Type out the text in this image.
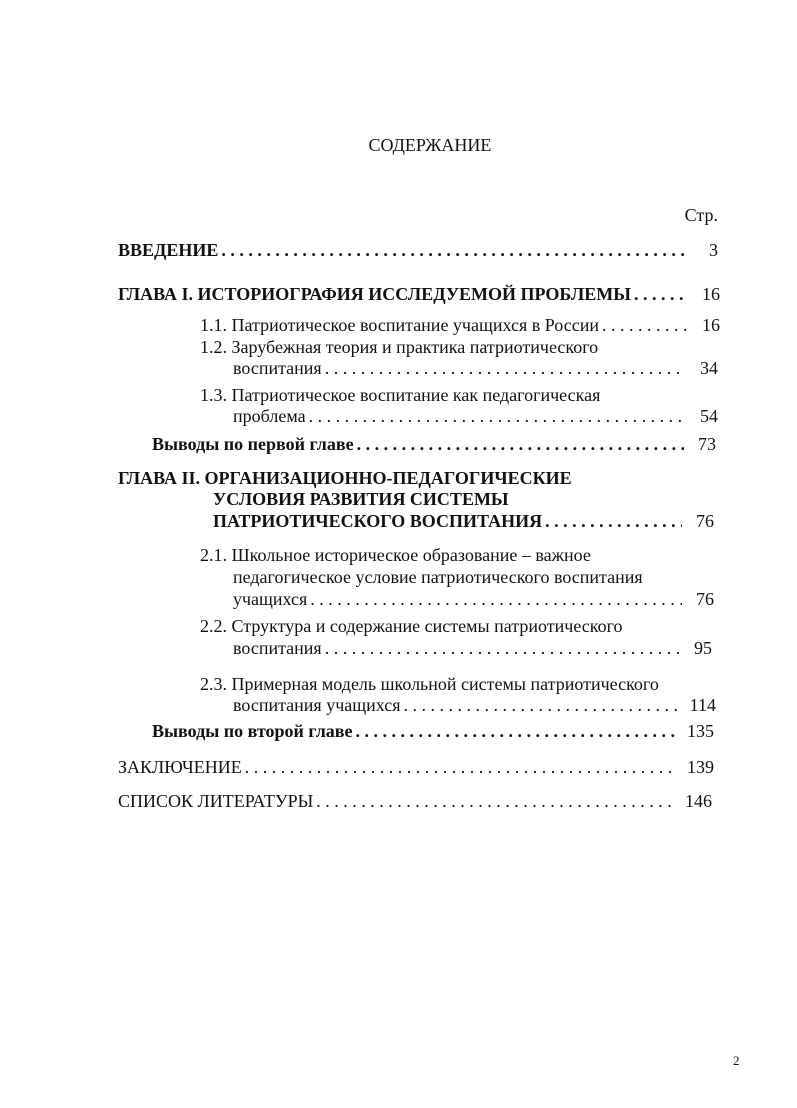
СОДЕРЖАНИЕ
Стр.
ВВЕДЕНИЕ . . .	3
ГЛАВА I. ИСТОРИОГРАФИЯ ИССЛЕДУЕМОЙ ПРОБЛЕМЫ . . .	16
1.1. Патриотическое воспитание учащихся в России . . .	16
1.2. Зарубежная теория и практика патриотического
воспитания . . .	34
1.3. Патриотическое воспитание как педагогическая
проблема . . .	54
Выводы по первой главе . . .	73
ГЛАВА II. ОРГАНИЗАЦИОННО-ПЕДАГОГИЧЕСКИЕ
УСЛОВИЯ РАЗВИТИЯ СИСТЕМЫ
ПАТРИОТИЧЕСКОГО ВОСПИТАНИЯ . . .	76
2.1. Школьное историческое образование – важное
педагогическое условие патриотического воспитания
учащихся . . .	76
2.2. Структура и содержание системы патриотического
воспитания . . .	95
2.3. Примерная модель школьной системы патриотического
воспитания учащихся . . .	114
Выводы по второй главе . . .	135
ЗАКЛЮЧЕНИЕ . . .	139
СПИСОК ЛИТЕРАТУРЫ . . .	146
2
